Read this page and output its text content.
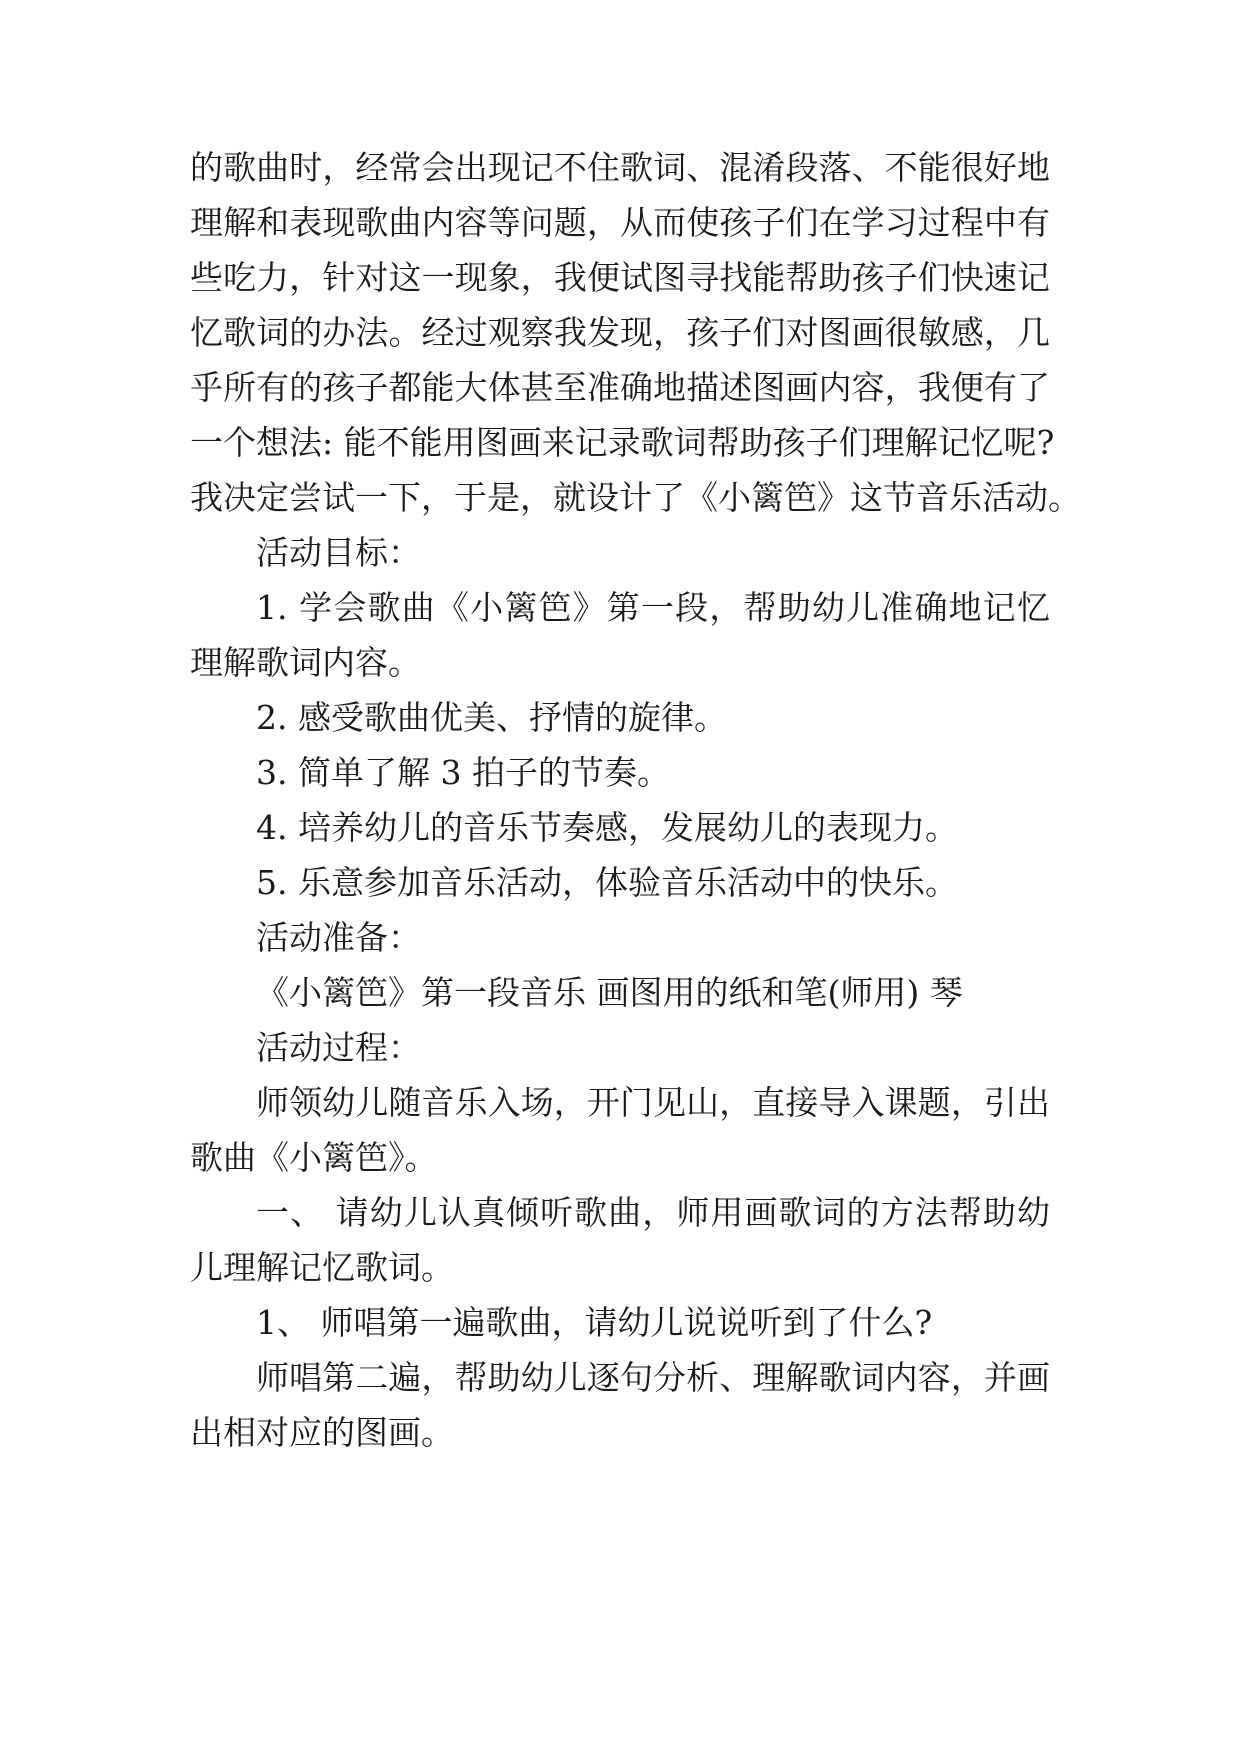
的歌曲时，经常会出现记不住歌词、混淆段落、不能很好地
理解和表现歌曲内容等问题，从而使孩子们在学习过程中有
些吃力，针对这一现象，我便试图寻找能帮助孩子们快速记
忆歌词的办法。经过观察我发现，孩子们对图画很敏感，几
乎所有的孩子都能大体甚至准确地描述图画内容，我便有了
一个想法: 能不能用图画来记录歌词帮助孩子们理解记忆呢?
我决定尝试一下，于是，就设计了《小篱笆》这节音乐活动。
活动目标：
1. 学会歌曲《小篱笆》第一段，帮助幼儿准确地记忆
理解歌词内容。
2. 感受歌曲优美、抒情的旋律。
3. 简单了解 3 拍子的节奏。
4. 培养幼儿的音乐节奏感，发展幼儿的表现力。
5. 乐意参加音乐活动，体验音乐活动中的快乐。
活动准备：
《小篱笆》第一段音乐 画图用的纸和笔(师用) 琴
活动过程：
师领幼儿随音乐入场，开门见山，直接导入课题，引出
歌曲《小篱笆》。
一、 请幼儿认真倾听歌曲，师用画歌词的方法帮助幼
儿理解记忆歌词。
1、 师唱第一遍歌曲，请幼儿说说听到了什么?
师唱第二遍，帮助幼儿逐句分析、理解歌词内容，并画
出相对应的图画。
